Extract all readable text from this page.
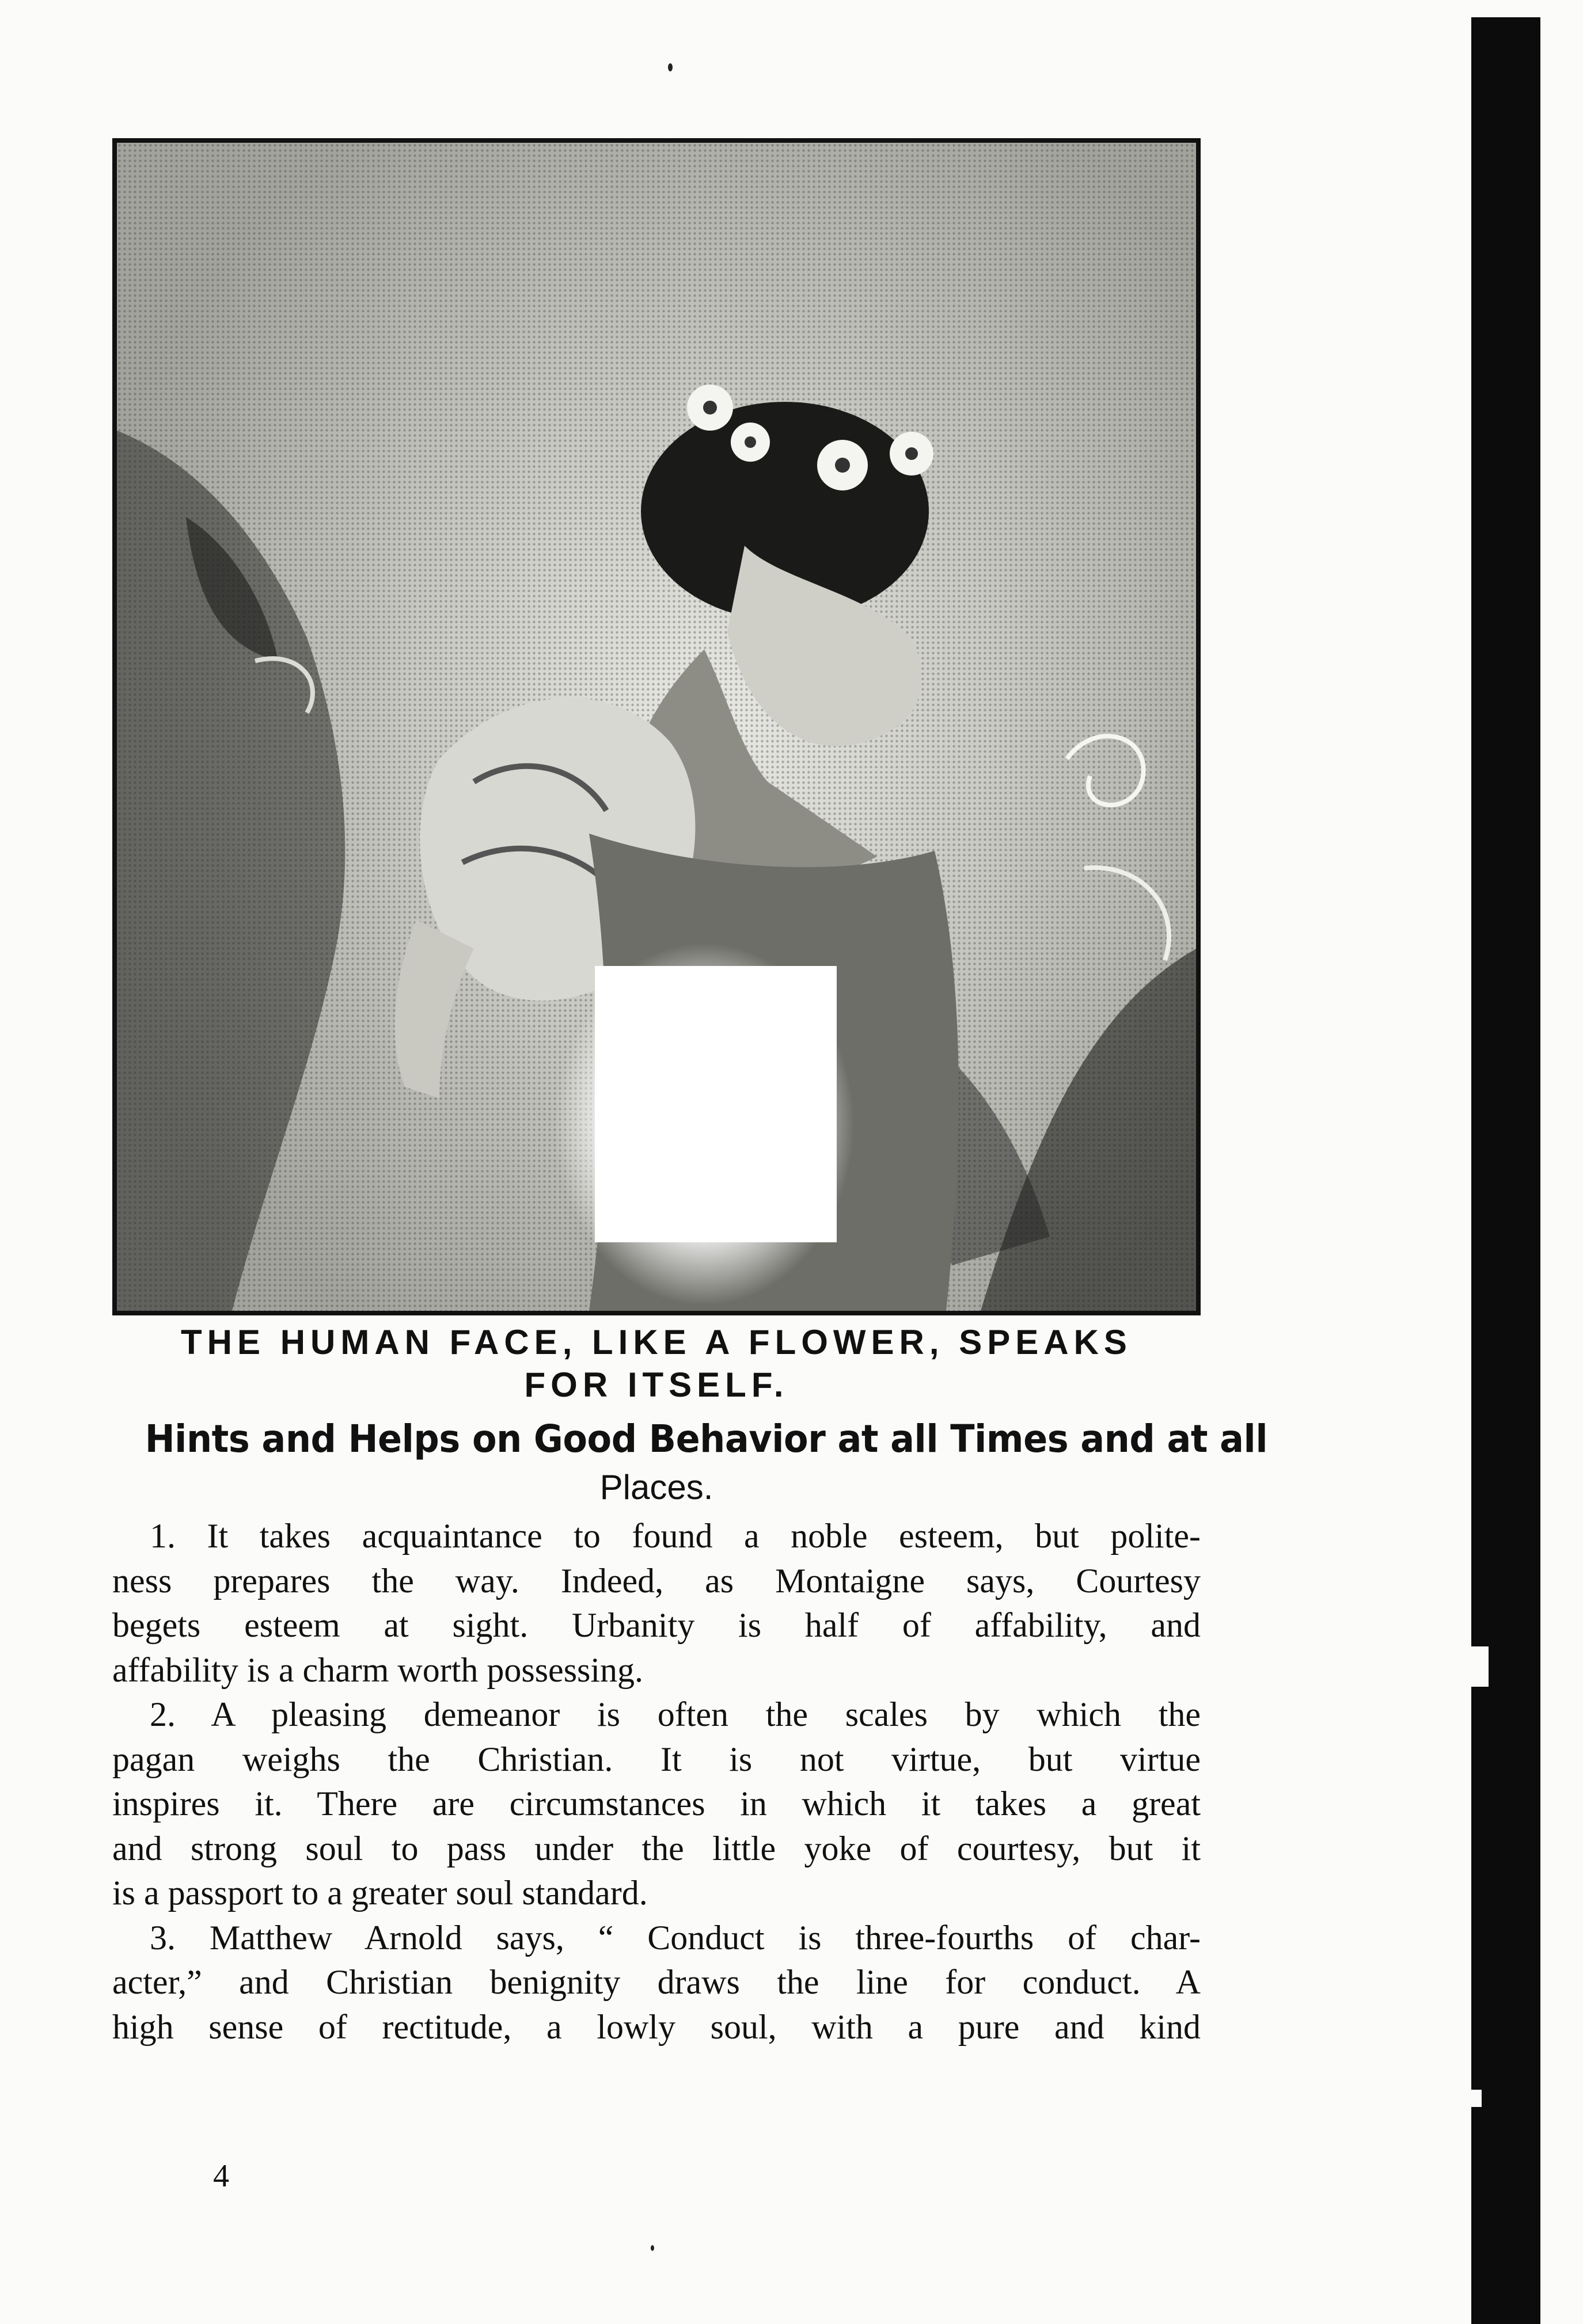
THE HUMAN FACE, LIKE A FLOWER, SPEAKS
FOR ITSELF.
Hints and Helps on Good Behavior at all Times and at all
Places.
1. It takes acquaintance to found a noble esteem, but polite-
ness prepares the way. Indeed, as Montaigne says, Courtesy
begets esteem at sight. Urbanity is half of affability, and
affability is a charm worth possessing.
2. A pleasing demeanor is often the scales by which the
pagan weighs the Christian. It is not virtue, but virtue
inspires it. There are circumstances in which it takes a great
and strong soul to pass under the little yoke of courtesy, but it
is a passport to a greater soul standard.
3. Matthew Arnold says, “ Conduct is three-fourths of char-
acter,” and Christian benignity draws the line for conduct. A
high sense of rectitude, a lowly soul, with a pure and kind
4
